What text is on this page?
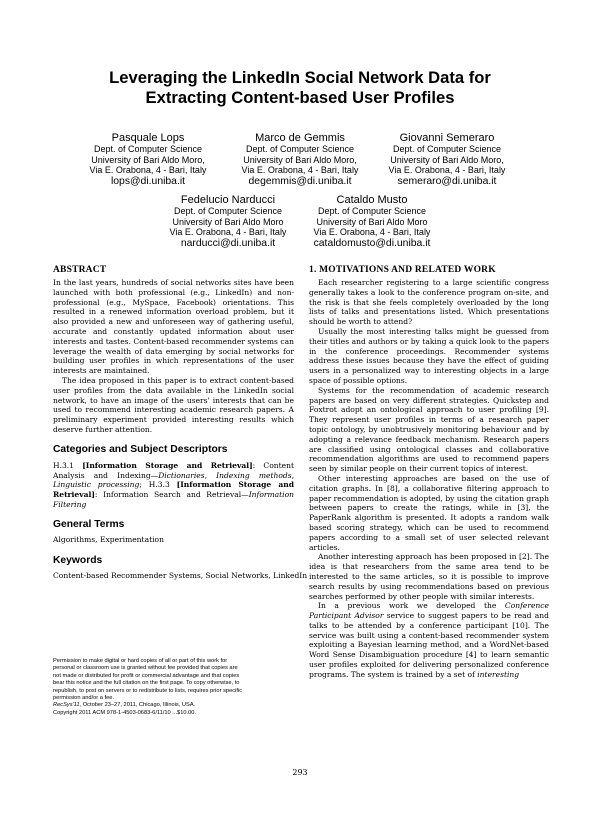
Leveraging the LinkedIn Social Network Data for
Extracting Content-based User Profiles
Pasquale Lops
Dept. of Computer Science
University of Bari Aldo Moro,
Via E. Orabona, 4 - Bari, Italy
lops@di.uniba.it
Marco de Gemmis
Dept. of Computer Science
University of Bari Aldo Moro,
Via E. Orabona, 4 - Bari, Italy
degemmis@di.uniba.it
Giovanni Semeraro
Dept. of Computer Science
University of Bari Aldo Moro,
Via E. Orabona, 4 - Bari, Italy
semeraro@di.uniba.it
Fedelucio Narducci
Dept. of Computer Science
University of Bari Aldo Moro
Via E. Orabona, 4 - Bari, Italy
narducci@di.uniba.it
Cataldo Musto
Dept. of Computer Science
University of Bari Aldo Moro
Via E. Orabona, 4 - Bari, Italy
cataldomusto@di.uniba.it
ABSTRACT

In the last years, hundreds of social networks sites have been launched with both professional (e.g., LinkedIn) and non-professional (e.g., MySpace, Facebook) orientations. This resulted in a renewed information overload problem, but it also provided a new and unforeseen way of gathering useful, accurate and constantly updated information about user interests and tastes. Content-based recommender systems can leverage the wealth of data emerging by social networks for building user profiles in which representations of the user interests are maintained.

The idea proposed in this paper is to extract content-based user profiles from the data available in the LinkedIn social network, to have an image of the users' interests that can be used to recommend interesting academic research papers. A preliminary experiment provided interesting results which deserve further attention.

Categories and Subject Descriptors

H.3.1 [Information Storage and Retrieval]: Content Analysis and Indexing—Dictionaries, Indexing methods, Linguistic processing; H.3.3 [Information Storage and Retrieval]: Information Search and Retrieval—Information Filtering

General Terms

Algorithms, Experimentation

Keywords

Content-based Recommender Systems, Social Networks, LinkedIn

Permission to make digital or hard copies of all or part of this work for
personal or classroom use is granted without fee provided that copies are
not made or distributed for profit or commercial advantage and that copies
bear this notice and the full citation on the first page. To copy otherwise, to
republish, to post on servers or to redistribute to lists, requires prior specific
permission and/or a fee.
RecSys'11, October 23–27, 2011, Chicago, Illinois, USA.
Copyright 2011 ACM 978-1-4503-0683-6/11/10 ...$10.00.
1. MOTIVATIONS AND RELATED WORK

Each researcher registering to a large scientific congress generally takes a look to the conference program on-site, and the risk is that she feels completely overloaded by the long lists of talks and presentations listed. Which presentations should be worth to attend?

Usually the most interesting talks might be guessed from their titles and authors or by taking a quick look to the papers in the conference proceedings. Recommender systems address these issues because they have the effect of guiding users in a personalized way to interesting objects in a large space of possible options.

Systems for the recommendation of academic research papers are based on very different strategies. Quickstep and Foxtrot adopt an ontological approach to user profiling [9]. They represent user profiles in terms of a research paper topic ontology, by unobtrusively monitoring behaviour and by adopting a relevance feedback mechanism. Research papers are classified using ontological classes and collaborative recommendation algorithms are used to recommend papers seen by similar people on their current topics of interest.

Other interesting approaches are based on the use of citation graphs. In [8], a collaborative filtering approach to paper recommendation is adopted, by using the citation graph between papers to create the ratings, while in [3], the PaperRank algorithm is presented. It adopts a random walk based scoring strategy, which can be used to recommend papers according to a small set of user selected relevant articles.

Another interesting approach has been proposed in [2]. The idea is that researchers from the same area tend to be interested to the same articles, so it is possible to improve search results by using recommendations based on previous searches performed by other people with similar interests.

In a previous work we developed the Conference Participant Advisor service to suggest papers to be read and talks to be attended by a conference participant [10]. The service was built using a content-based recommender system exploiting a Bayesian learning method, and a WordNet-based Word Sense Disambiguation procedure [4] to learn semantic user profiles exploited for delivering personalized conference programs. The system is trained by a set of interesting

293
